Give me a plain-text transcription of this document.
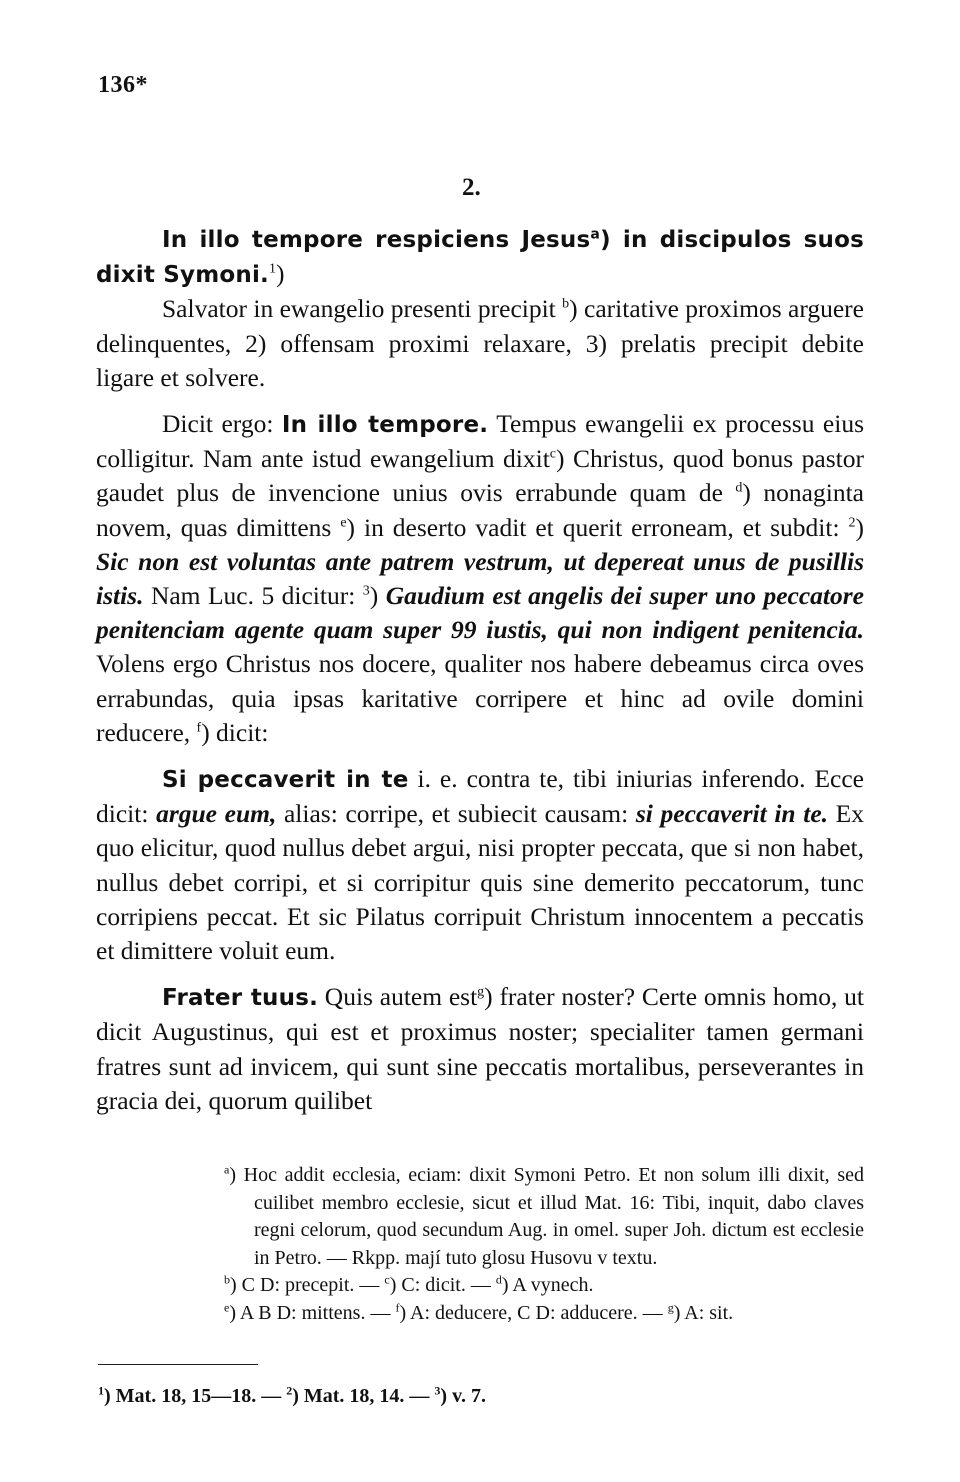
136*
2.

In illo tempore respiciens Jesus$^a$) in discipulos suos dixit Symoni.$^1$)

Salvator in ewangelio presenti precipit $^b$) caritative proximos arguere delinquentes, 2) offensam proximi relaxare, 3) prelatis precipit debite ligare et solvere.

Dicit ergo: In illo tempore. Tempus ewangelii ex processu eius colligitur. Nam ante istud ewangelium dixit$^c$) Christus, quod bonus pastor gaudet plus de invencione unius ovis errabunde quam de $^d$) nonaginta novem, quas dimittens $^e$) in deserto vadit et querit erroneam, et subdit: $^2$) Sic non est voluntas ante patrem vestrum, ut depereat unus de pusillis istis. Nam Luc. 5 dicitur: $^3$) Gaudium est angelis dei super uno peccatore penitenciam agente quam super 99 iustis, qui non indigent penitencia. Volens ergo Christus nos docere, qualiter nos habere debeamus circa oves errabundas, quia ipsas karitative corripere et hinc ad ovile domini reducere, $^f$) dicit:

Si peccaverit in te i. e. contra te, tibi iniurias inferendo. Ecce dicit: argue eum, alias: corripe, et subiecit causam: si peccaverit in te. Ex quo elicitur, quod nullus debet argui, nisi propter peccata, que si non habet, nullus debet corripi, et si corripitur quis sine demerito peccatorum, tunc corripiens peccat. Et sic Pilatus corripuit Christum innocentem a peccatis et dimittere voluit eum.

Frater tuus. Quis autem est$^g$) frater noster? Certe omnis homo, ut dicit Augustinus, qui est et proximus noster; specialiter tamen germani fratres sunt ad invicem, qui sunt sine peccatis mortalibus, perseverantes in gracia dei, quorum quilibet

$^a$) Hoc addit ecclesia, eciam: dixit Symoni Petro. Et non solum illi dixit, sed cuilibet membro ecclesie, sicut et illud Mat. 16: Tibi, inquit, dabo claves regni celorum, quod secundum Aug. in omel. super Joh. dictum est ecclesie in Petro. — Rkpp. mají tuto glosu Husovu v textu.

$^b$) C D: precepit. — $^c$) C: dicit. — $^d$) A vynech.

$^e$) A B D: mittens. — $^f$) A: deducere, C D: adducere. — $^g$) A: sit.

$^1$) Mat. 18, 15—18. — $^2$) Mat. 18, 14. — $^3$) v. 7.
